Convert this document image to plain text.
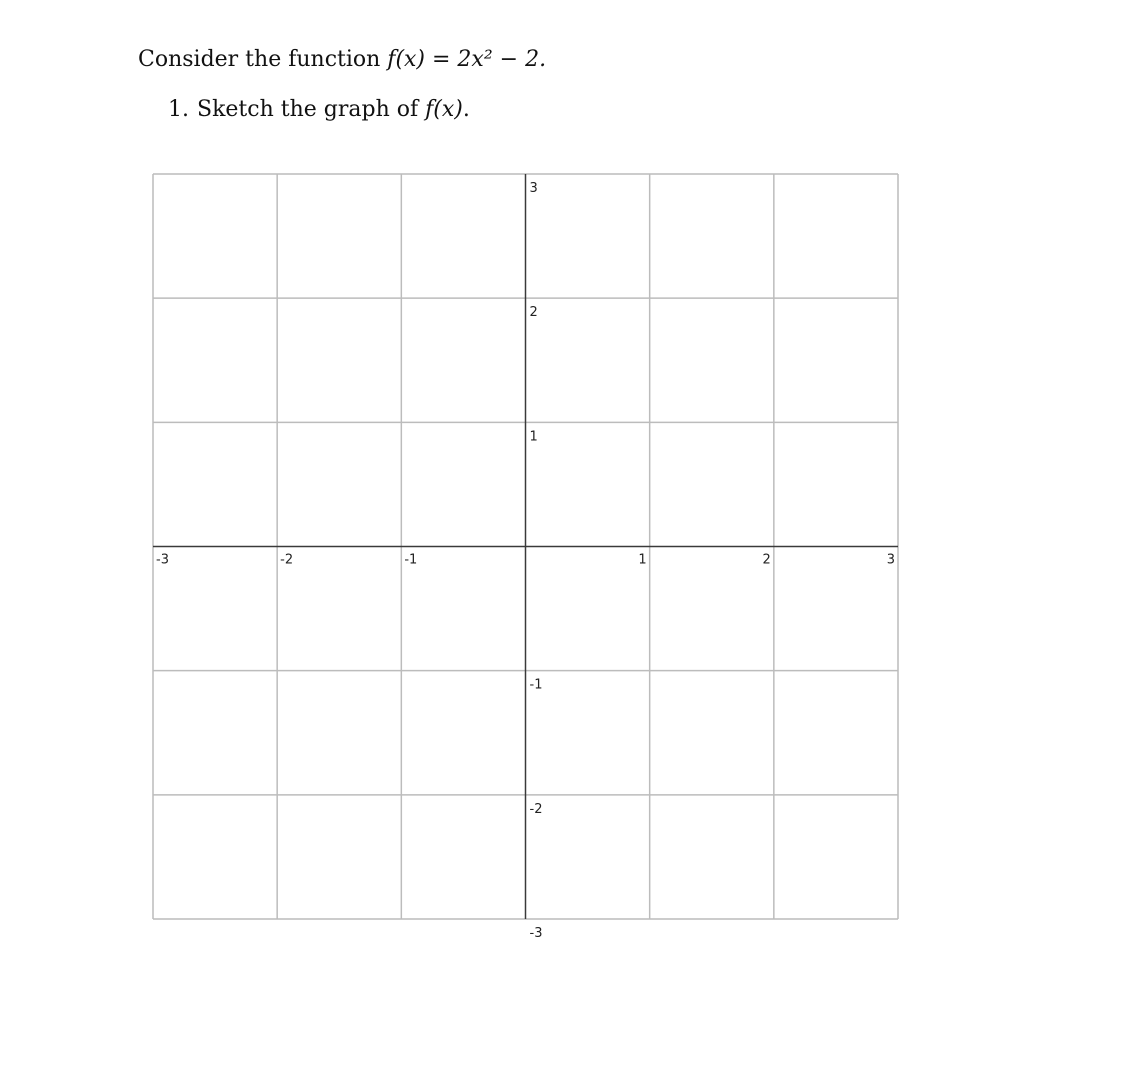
Consider the function f(x) = 2x² − 2.
1. Sketch the graph of f(x).
-3	-2	-1	1	2	3
3
2
1
-1
-2
-3
